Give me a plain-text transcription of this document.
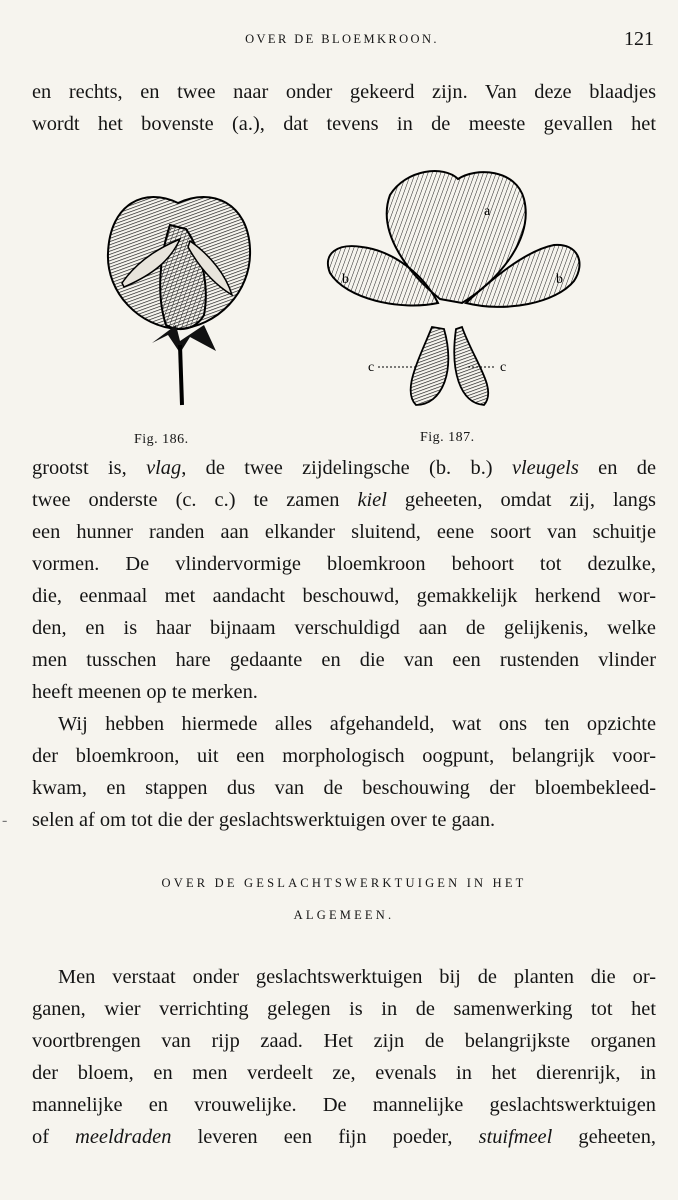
OVER DE BLOEMKROON.	121
en rechts, en twee naar onder gekeerd zijn. Van deze blaadjes
wordt het bovenste (a.), dat tevens in de meeste gevallen het
a
b	b
c	c
Fig. 186.	Fig. 187.
grootst is, vlag, de twee zijdelingsche (b. b.) vleugels en de
twee onderste (c. c.) te zamen kiel geheeten, omdat zij, langs
een hunner randen aan elkander sluitend, eene soort van schuitje
vormen. De vlindervormige bloemkroon behoort tot dezulke,
die, eenmaal met aandacht beschouwd, gemakkelijk herkend wor-
den, en is haar bijnaam verschuldigd aan de gelijkenis, welke
men tusschen hare gedaante en die van een rustenden vlinder
heeft meenen op te merken.
Wij hebben hiermede alles afgehandeld, wat ons ten opzichte
der bloemkroon, uit een morphologisch oogpunt, belangrijk voor-
kwam, en stappen dus van de beschouwing der bloembekleed-
selen af om tot die der geslachtswerktuigen over te gaan.
-
OVER DE GESLACHTSWERKTUIGEN IN HET
ALGEMEEN.
Men verstaat onder geslachtswerktuigen bij de planten die or-
ganen, wier verrichting gelegen is in de samenwerking tot het
voortbrengen van rijp zaad. Het zijn de belangrijkste organen
der bloem, en men verdeelt ze, evenals in het dierenrijk, in
mannelijke en vrouwelijke. De mannelijke geslachtswerktuigen
of meeldraden leveren een fijn poeder, stuifmeel geheeten,
